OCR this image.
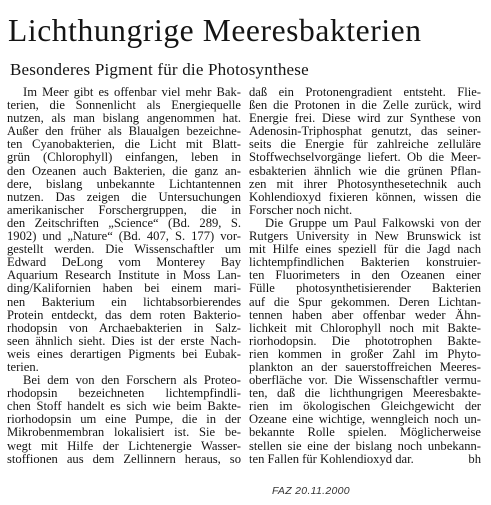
Lichthungrige Meeresbakterien
Besonderes Pigment für die Photosynthese
Im Meer gibt es offenbar viel mehr Bak-
terien, die Sonnenlicht als Energiequelle
nutzen, als man bislang angenommen hat.
Außer den früher als Blaualgen bezeichne-
ten Cyanobakterien, die Licht mit Blatt-
grün (Chlorophyll) einfangen, leben in
den Ozeanen auch Bakterien, die ganz an-
dere, bislang unbekannte Lichtantennen
nutzen. Das zeigen die Untersuchungen
amerikanischer Forschergruppen, die in
den Zeitschriften „Science“ (Bd. 289, S.
1902) und „Nature“ (Bd. 407, S. 177) vor-
gestellt werden. Die Wissenschaftler um
Edward DeLong vom Monterey Bay
Aquarium Research Institute in Moss Lan-
ding/Kalifornien haben bei einem mari-
nen Bakterium ein lichtabsorbierendes
Protein entdeckt, das dem roten Bakterio-
rhodopsin von Archaebakterien in Salz-
seen ähnlich sieht. Dies ist der erste Nach-
weis eines derartigen Pigments bei Eubak-
terien.
Bei dem von den Forschern als Proteo-
rhodopsin bezeichneten lichtempfindli-
chen Stoff handelt es sich wie beim Bakte-
riorhodopsin um eine Pumpe, die in der
Mikrobenmembran lokalisiert ist. Sie be-
wegt mit Hilfe der Lichtenergie Wasser-
stoffionen aus dem Zellinnern heraus, so
daß ein Protonengradient entsteht. Flie-
ßen die Protonen in die Zelle zurück, wird
Energie frei. Diese wird zur Synthese von
Adenosin-Triphosphat genutzt, das seiner-
seits die Energie für zahlreiche zelluläre
Stoffwechselvorgänge liefert. Ob die Meer-
esbakterien ähnlich wie die grünen Pflan-
zen mit ihrer Photosynthesetechnik auch
Kohlendioxyd fixieren können, wissen die
Forscher noch nicht.
Die Gruppe um Paul Falkowski von der
Rutgers University in New Brunswick ist
mit Hilfe eines speziell für die Jagd nach
lichtempfindlichen Bakterien konstruier-
ten Fluorimeters in den Ozeanen einer
Fülle photosynthetisierender Bakterien
auf die Spur gekommen. Deren Lichtan-
tennen haben aber offenbar weder Ähn-
lichkeit mit Chlorophyll noch mit Bakte-
riorhodopsin. Die phototrophen Bakte-
rien kommen in großer Zahl im Phyto-
plankton an der sauerstoffreichen Meeres-
oberfläche vor. Die Wissenschaftler vermu-
ten, daß die lichthungrigen Meeresbakte-
rien im ökologischen Gleichgewicht der
Ozeane eine wichtige, wenngleich noch un-
bekannte Rolle spielen. Möglicherweise
stellen sie eine der bislang noch unbekann-
ten Fallen für Kohlendioxyd dar.	bh
FAZ 20.11.2000
